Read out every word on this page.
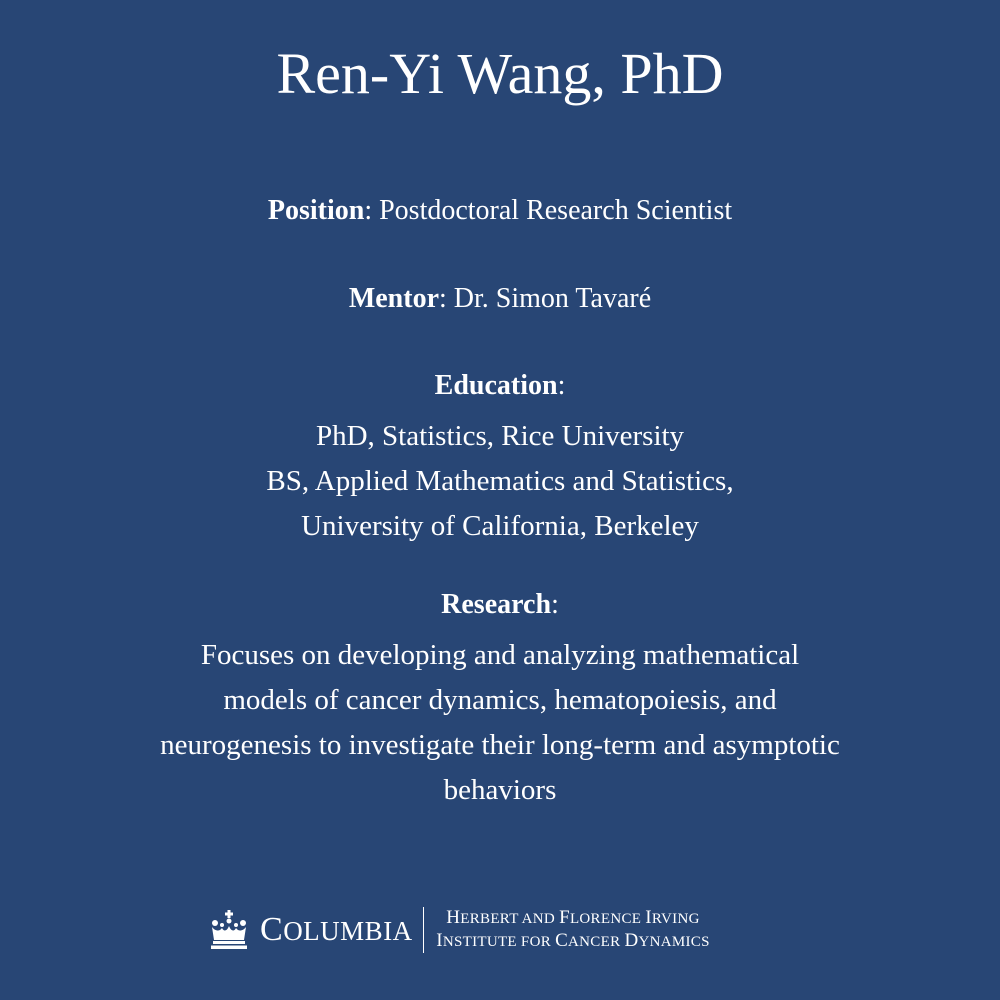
Ren-Yi Wang, PhD
Position: Postdoctoral Research Scientist
Mentor: Dr. Simon Tavaré
Education:
PhD, Statistics, Rice University
BS, Applied Mathematics and Statistics,
University of California, Berkeley
Research:
Focuses on developing and analyzing mathematical
models of cancer dynamics, hematopoiesis, and
neurogenesis to investigate their long-term and asymptotic
behaviors
COLUMBIA	HERBERT AND FLORENCE IRVING
INSTITUTE FOR CANCER DYNAMICS
